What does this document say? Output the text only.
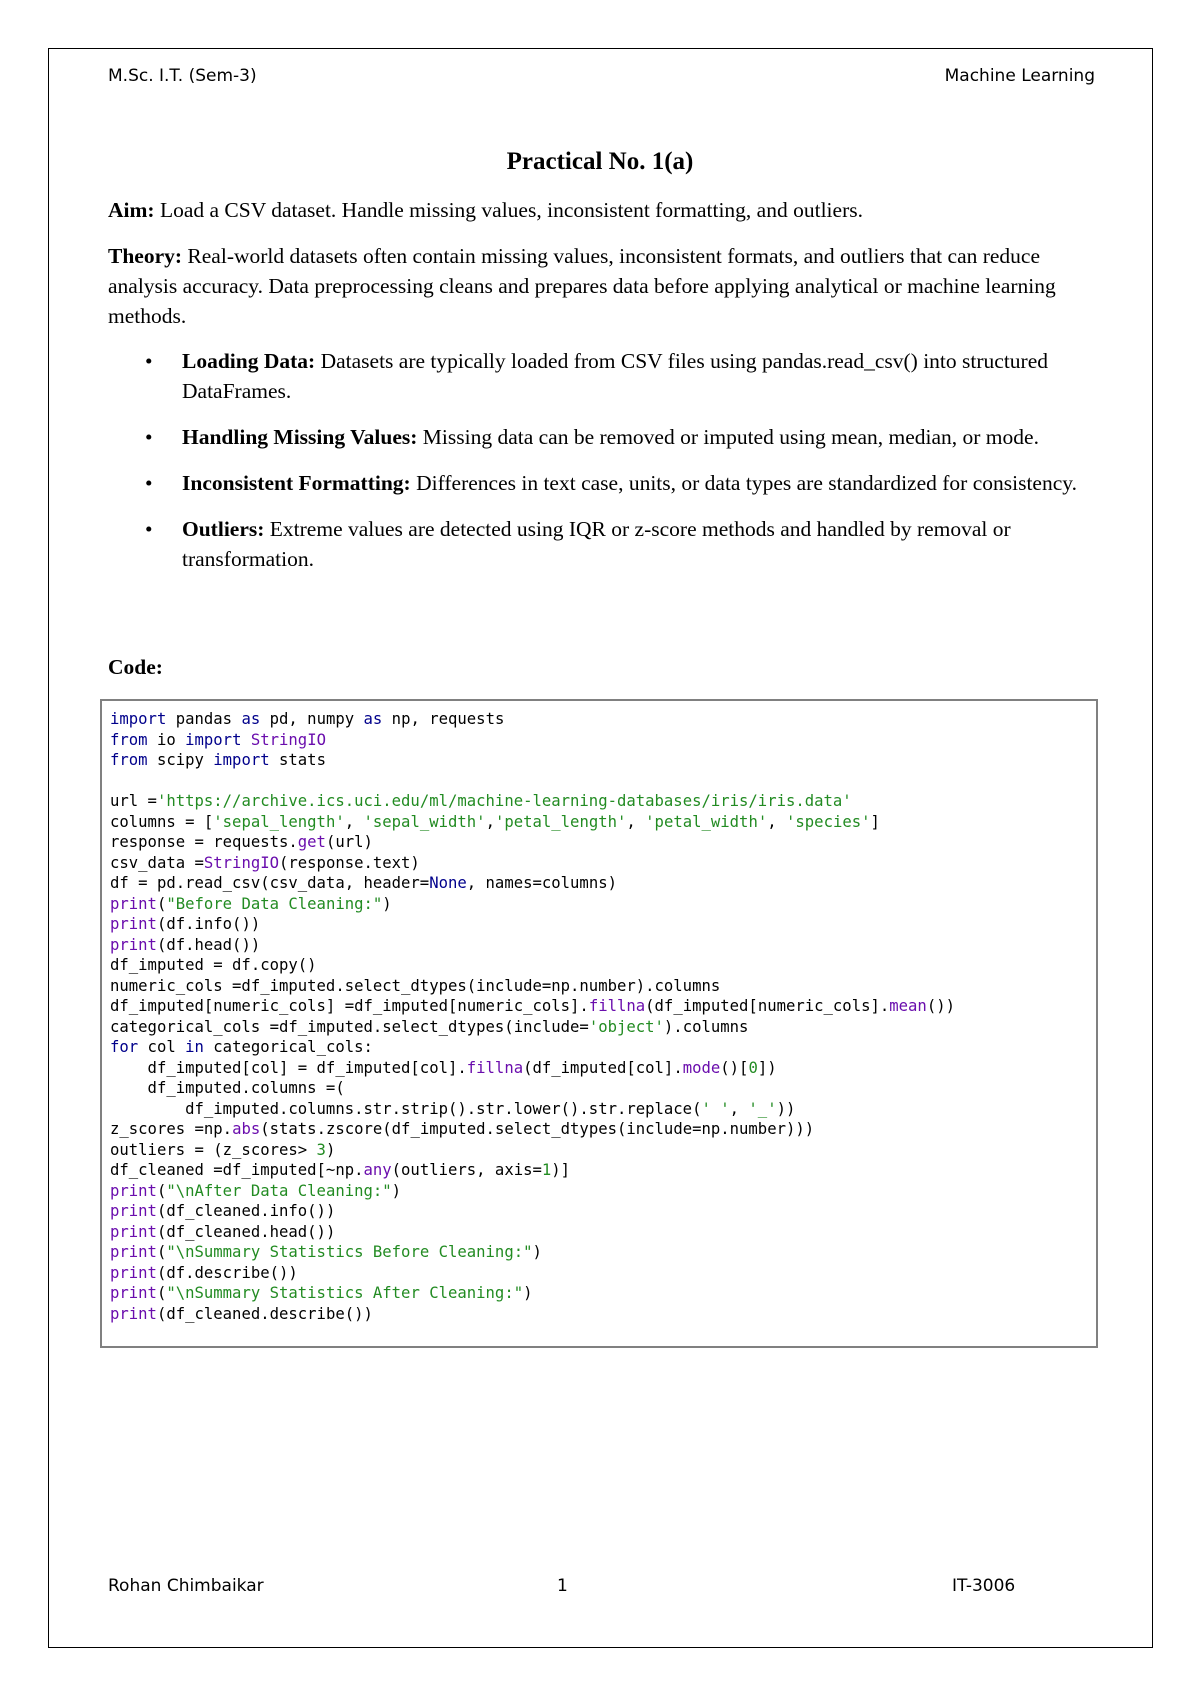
M.Sc. I.T. (Sem-3)	Machine Learning
Practical No. 1(a)
Aim: Load a CSV dataset. Handle missing values, inconsistent formatting, and outliers.
Theory: Real-world datasets often contain missing values, inconsistent formats, and outliers that can reduce analysis accuracy. Data preprocessing cleans and prepares data before applying analytical or machine learning methods.
• Loading Data: Datasets are typically loaded from CSV files using pandas.read_csv() into structured DataFrames.
• Handling Missing Values: Missing data can be removed or imputed using mean, median, or mode.
• Inconsistent Formatting: Differences in text case, units, or data types are standardized for consistency.
• Outliers: Extreme values are detected using IQR or z-score methods and handled by removal or transformation.
Code:
import pandas as pd, numpy as np, requests
from io import StringIO
from scipy import stats
url ='https://archive.ics.uci.edu/ml/machine-learning-databases/iris/iris.data'
columns = ['sepal_length', 'sepal_width','petal_length', 'petal_width', 'species']
response = requests.get(url)
csv_data =StringIO(response.text)
df = pd.read_csv(csv_data, header=None, names=columns)
print("Before Data Cleaning:")
print(df.info())
print(df.head())
df_imputed = df.copy()
numeric_cols =df_imputed.select_dtypes(include=np.number).columns
df_imputed[numeric_cols] =df_imputed[numeric_cols].fillna(df_imputed[numeric_cols].mean())
categorical_cols =df_imputed.select_dtypes(include='object').columns
for col in categorical_cols:
df_imputed[col] = df_imputed[col].fillna(df_imputed[col].mode()[0])
df_imputed.columns =(
df_imputed.columns.str.strip().str.lower().str.replace(' ', '_'))
z_scores =np.abs(stats.zscore(df_imputed.select_dtypes(include=np.number)))
outliers = (z_scores> 3)
df_cleaned =df_imputed[~np.any(outliers, axis=1)]
print("\nAfter Data Cleaning:")
print(df_cleaned.info())
print(df_cleaned.head())
print("\nSummary Statistics Before Cleaning:")
print(df.describe())
print("\nSummary Statistics After Cleaning:")
print(df_cleaned.describe())
Rohan Chimbaikar	1	IT-3006
